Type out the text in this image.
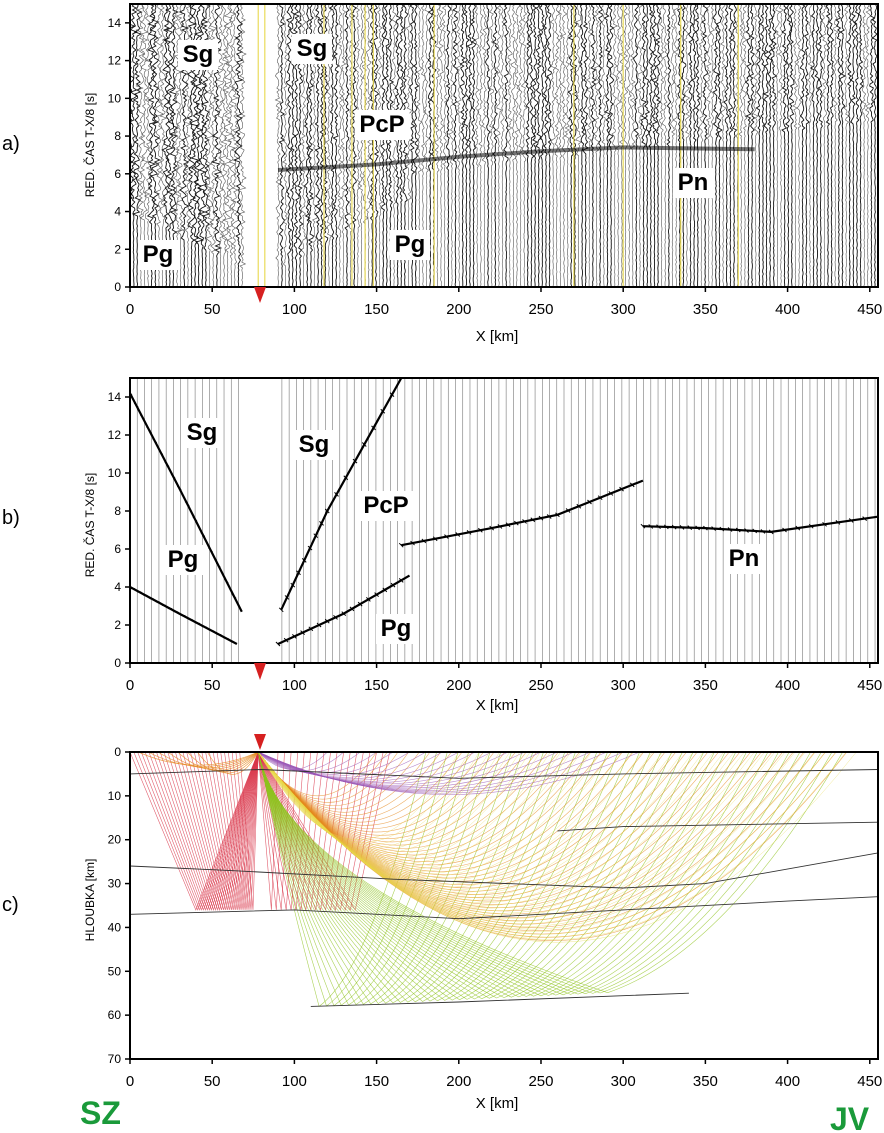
a)
0	50	100	150	200	250	300	350	400	450
0
2
4
6
8
10
12
14
X [km]
RED. ČAS T-X/8 [s]
Sg	Sg
PcP
Pn
Pg	Pg
b)
0	50	100	150	200	250	300	350	400	450
0
2
4
6
8
10
12
14
X [km]
RED. ČAS T-X/8 [s]
Sg	Sg
PcP
Pg	Pn
Pg
c)
0	50	100	150	200	250	300	350	400	450
0
10
20
30
40
50
60
70
X [km]
HLOUBKA [km]
SZ	JV
